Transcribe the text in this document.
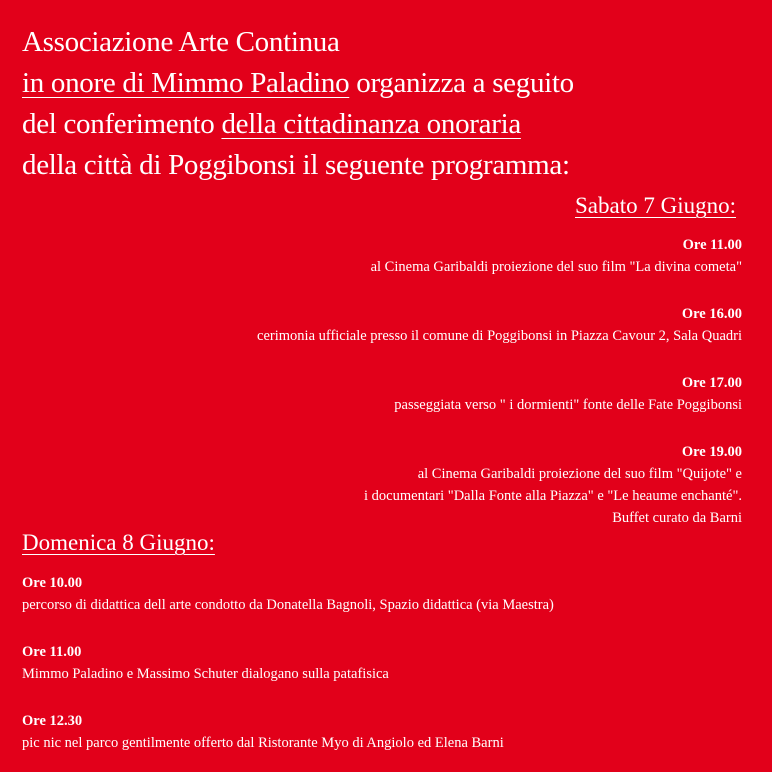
Associazione Arte Continua
in onore di Mimmo Paladino organizza a seguito
del conferimento della cittadinanza onoraria
della città di Poggibonsi il seguente programma:
Sabato 7 Giugno:
Ore 11.00
al Cinema Garibaldi proiezione del suo film "La divina cometa"
Ore 16.00
cerimonia ufficiale presso il comune di Poggibonsi in Piazza Cavour 2, Sala Quadri
Ore 17.00
passeggiata verso " i dormienti" fonte delle Fate Poggibonsi
Ore 19.00
al Cinema Garibaldi proiezione del suo film "Quijote" e
i documentari "Dalla Fonte alla Piazza" e "Le heaume enchanté".
Buffet curato da Barni
Domenica 8 Giugno:
Ore 10.00
percorso di didattica dell arte condotto da Donatella Bagnoli, Spazio didattica (via Maestra)
Ore 11.00
Mimmo Paladino e Massimo Schuter dialogano sulla patafisica
Ore 12.30
pic nic nel parco gentilmente offerto dal Ristorante Myo di Angiolo ed Elena Barni
